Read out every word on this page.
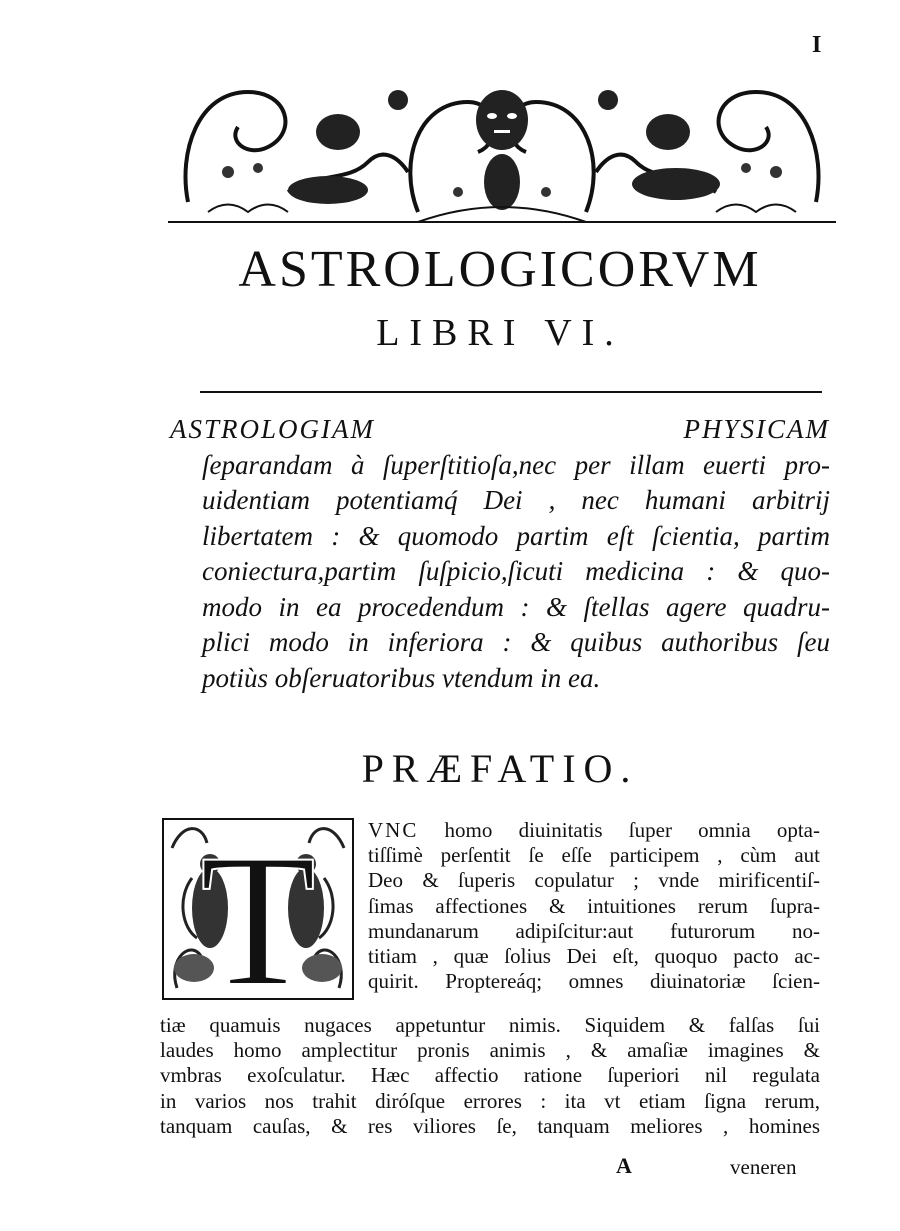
I
ASTROLOGICORVM
LIBRI VI.
ASTROLOGIAM PHYSICAM
ſeparandam à ſuperſtitioſa,nec per illam euerti pro-
uidentiam potentiamq́ Dei , nec humani arbitrij
libertatem : & quomodo partim eſt ſcientia, partim
coniectura,partim ſuſpicio,ſicuti medicina : & quo-
modo in ea procedendum : & ſtellas agere quadru-
plici modo in inferiora : & quibus authoribus ſeu
potiùs obſeruatoribus vtendum in ea.
PRÆFATIO.
T VNC homo diuinitatis ſuper omnia opta-
tiſſimè perſentit ſe eſſe participem , cùm aut
Deo & ſuperis copulatur ; vnde mirificentiſ-
ſimas affectiones & intuitiones rerum ſupra-
mundanarum adipiſcitur:aut futurorum no-
titiam , quæ ſolius Dei eſt, quoquo pacto ac-
quirit. Proptereáq; omnes diuinatoriæ ſcien-
tiæ quamuis nugaces appetuntur nimis. Siquidem & falſas ſui
laudes homo amplectitur pronis animis , & amaſiæ imagines &
vmbras exoſculatur. Hæc affectio ratione ſuperiori nil regulata
in varios nos trahit diróſque errores : ita vt etiam ſigna rerum,
tanquam cauſas, & res viliores ſe, tanquam meliores , homines
A	veneren
